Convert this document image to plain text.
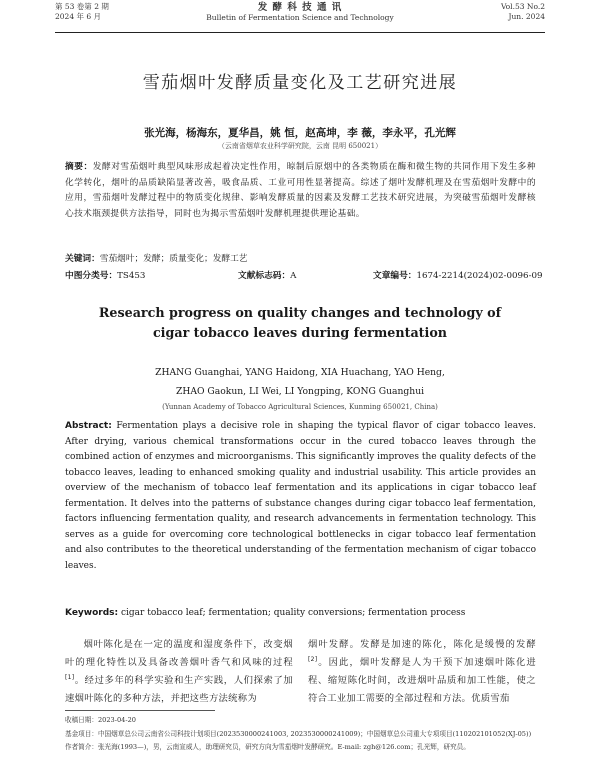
第 53 卷第 2 期
2024 年 6 月
发 酵 科 技 通 讯
Bulletin of Fermentation Science and Technology
Vol.53 No.2
Jun. 2024
雪茄烟叶发酵质量变化及工艺研究进展
张光海，杨海东，夏华昌，姚 恒，赵高坤，李 薇，李永平，孔光辉
（云南省烟草农业科学研究院，云南 昆明 650021）
摘要：发酵对雪茄烟叶典型风味形成起着决定性作用，晾制后原烟中的各类物质在酶和微生物的共同作用下发生多种化学转化，烟叶的品质缺陷显著改善，吸食品质、工业可用性显著提高。综述了烟叶发酵机理及在雪茄烟叶发酵中的应用，雪茄烟叶发酵过程中的物质变化规律、影响发酵质量的因素及发酵工艺技术研究进展，为突破雪茄烟叶发酵核心技术瓶颈提供方法指导，同时也为揭示雪茄烟叶发酵机理提供理论基础。
关键词：雪茄烟叶；发酵；质量变化；发酵工艺
中图分类号：TS453	文献标志码：A	文章编号：1674-2214(2024)02-0096-09
Research progress on quality changes and technology of
cigar tobacco leaves during fermentation
ZHANG Guanghai, YANG Haidong, XIA Huachang, YAO Heng,
ZHAO Gaokun, LI Wei, LI Yongping, KONG Guanghui
(Yunnan Academy of Tobacco Agricultural Sciences, Kunming 650021, China)
Abstract: Fermentation plays a decisive role in shaping the typical flavor of cigar tobacco leaves. After drying, various chemical transformations occur in the cured tobacco leaves through the combined action of enzymes and microorganisms. This significantly improves the quality defects of the tobacco leaves, leading to enhanced smoking quality and industrial usability. This article provides an overview of the mechanism of tobacco leaf fermentation and its applications in cigar tobacco leaf fermentation. It delves into the patterns of substance changes during cigar tobacco leaf fermentation, factors influencing fermentation quality, and research advancements in fermentation technology. This serves as a guide for overcoming core technological bottlenecks in cigar tobacco leaf fermentation and also contributes to the theoretical understanding of the fermentation mechanism of cigar tobacco leaves.
Keywords: cigar tobacco leaf; fermentation; quality conversions; fermentation process
烟叶陈化是在一定的温度和湿度条件下，改变烟叶的理化特性以及具备改善烟叶香气和风味的过程[1]。经过多年的科学实验和生产实践，人们探索了加速烟叶陈化的多种方法，并把这些方法统称为
烟叶发酵。发酵是加速的陈化，陈化是缓慢的发酵[2]。因此，烟叶发酵是人为干预下加速烟叶陈化进程、缩短陈化时间，改进烟叶品质和加工性能，使之符合工业加工需要的全部过程和方法。优质雪茄
收稿日期：2023-04-20
基金项目：中国烟草总公司云南省公司科技计划项目(2023530000241003, 2023530000241009)；中国烟草总公司重大专项项目(110202101052(XJ-05))
作者简介：张光海(1993—)，男，云南宣威人，助理研究员，研究方向为雪茄烟叶发酵研究。E-mail: zgh@126.com；孔光辉，研究员。
